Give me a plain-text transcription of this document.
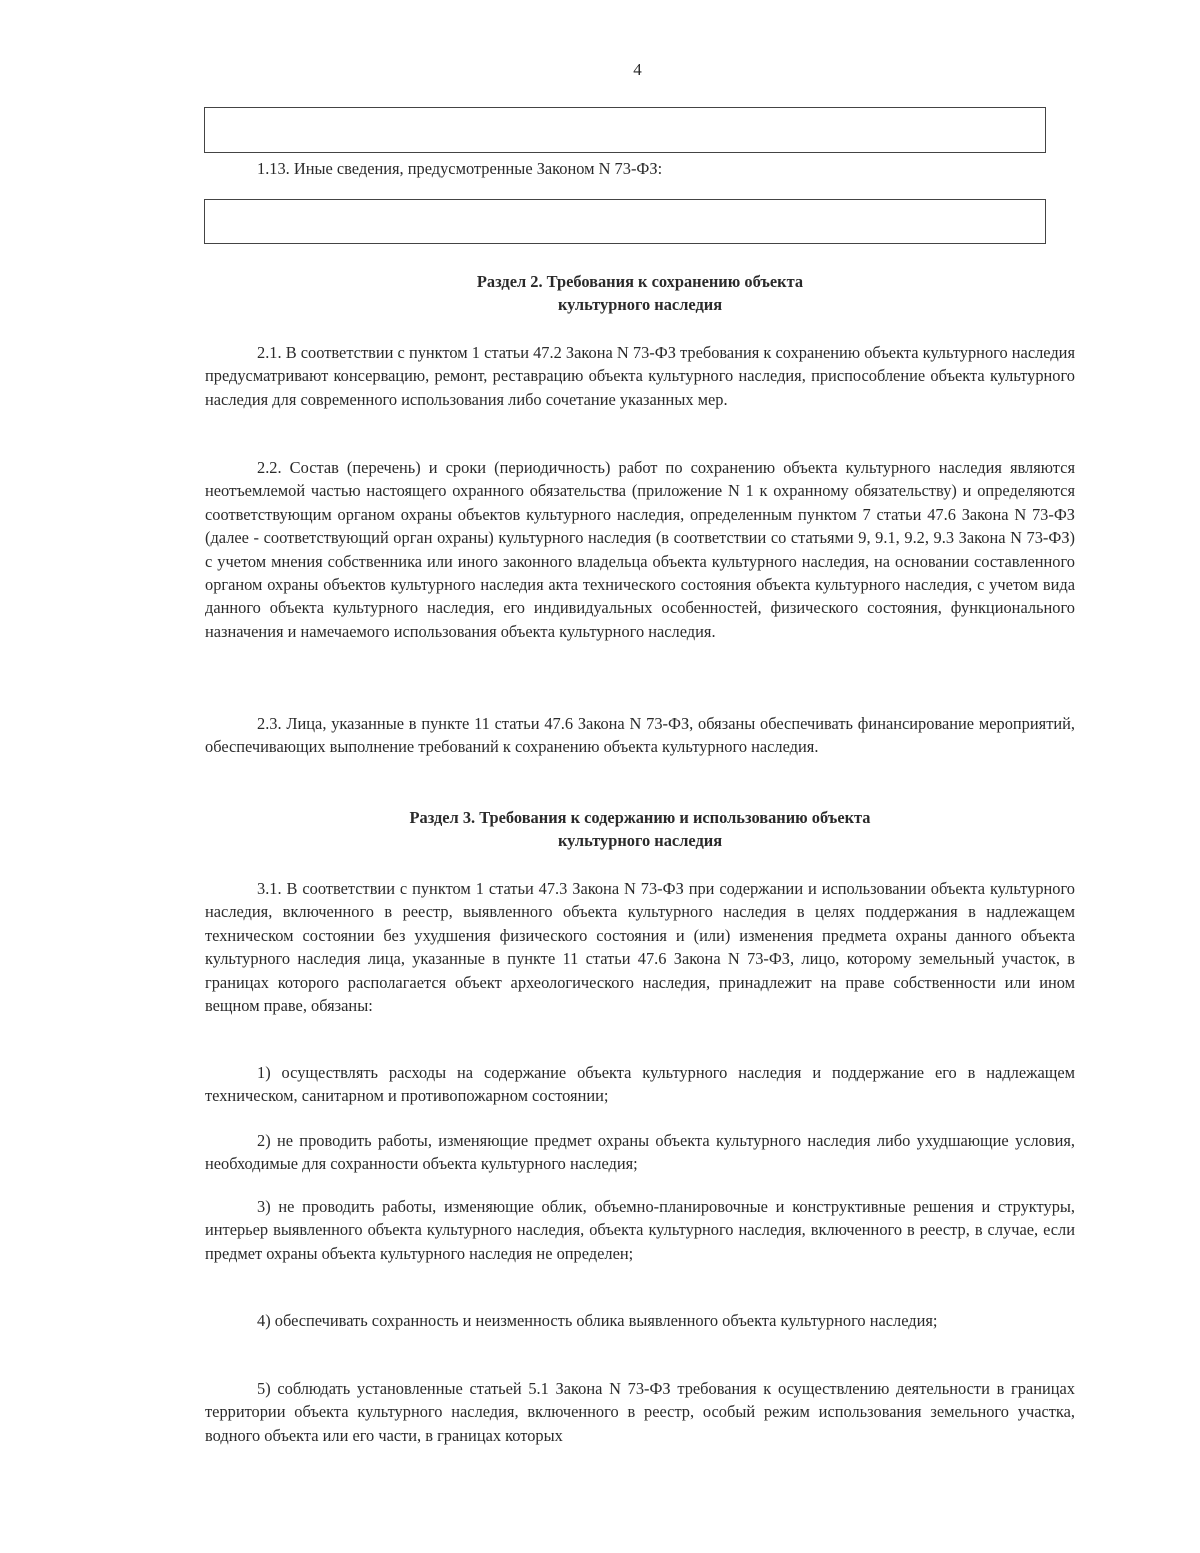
4

1.13. Иные сведения, предусмотренные Законом N 73-ФЗ:

Раздел 2. Требования к сохранению объекта
культурного наследия

2.1. В соответствии с пунктом 1 статьи 47.2 Закона N 73-ФЗ требования к сохранению объекта культурного наследия предусматривают консервацию, ремонт, реставрацию объекта культурного наследия, приспособление объекта культурного наследия для современного использования либо сочетание указанных мер.

2.2. Состав (перечень) и сроки (периодичность) работ по сохранению объекта культурного наследия являются неотъемлемой частью настоящего охранного обязательства (приложение N 1 к охранному обязательству) и определяются соответствующим органом охраны объектов культурного наследия, определенным пунктом 7 статьи 47.6 Закона N 73-ФЗ (далее - соответствующий орган охраны) культурного наследия (в соответствии со статьями 9, 9.1, 9.2, 9.3 Закона N 73-ФЗ) с учетом мнения собственника или иного законного владельца объекта культурного наследия, на основании составленного органом охраны объектов культурного наследия акта технического состояния объекта культурного наследия, с учетом вида данного объекта культурного наследия, его индивидуальных особенностей, физического состояния, функционального назначения и намечаемого использования объекта культурного наследия.

2.3. Лица, указанные в пункте 11 статьи 47.6 Закона N 73-ФЗ, обязаны обеспечивать финансирование мероприятий, обеспечивающих выполнение требований к сохранению объекта культурного наследия.

Раздел 3. Требования к содержанию и использованию объекта
культурного наследия

3.1. В соответствии с пунктом 1 статьи 47.3 Закона N 73-ФЗ при содержании и использовании объекта культурного наследия, включенного в реестр, выявленного объекта культурного наследия в целях поддержания в надлежащем техническом состоянии без ухудшения физического состояния и (или) изменения предмета охраны данного объекта культурного наследия лица, указанные в пункте 11 статьи 47.6 Закона N 73-ФЗ, лицо, которому земельный участок, в границах которого располагается объект археологического наследия, принадлежит на праве собственности или ином вещном праве, обязаны:

1) осуществлять расходы на содержание объекта культурного наследия и поддержание его в надлежащем техническом, санитарном и противопожарном состоянии;

2) не проводить работы, изменяющие предмет охраны объекта культурного наследия либо ухудшающие условия, необходимые для сохранности объекта культурного наследия;

3) не проводить работы, изменяющие облик, объемно-планировочные и конструктивные решения и структуры, интерьер выявленного объекта культурного наследия, объекта культурного наследия, включенного в реестр, в случае, если предмет охраны объекта культурного наследия не определен;

4) обеспечивать сохранность и неизменность облика выявленного объекта культурного наследия;

5) соблюдать установленные статьей 5.1 Закона N 73-ФЗ требования к осуществлению деятельности в границах территории объекта культурного наследия, включенного в реестр, особый режим использования земельного участка, водного объекта или его части, в границах которых
